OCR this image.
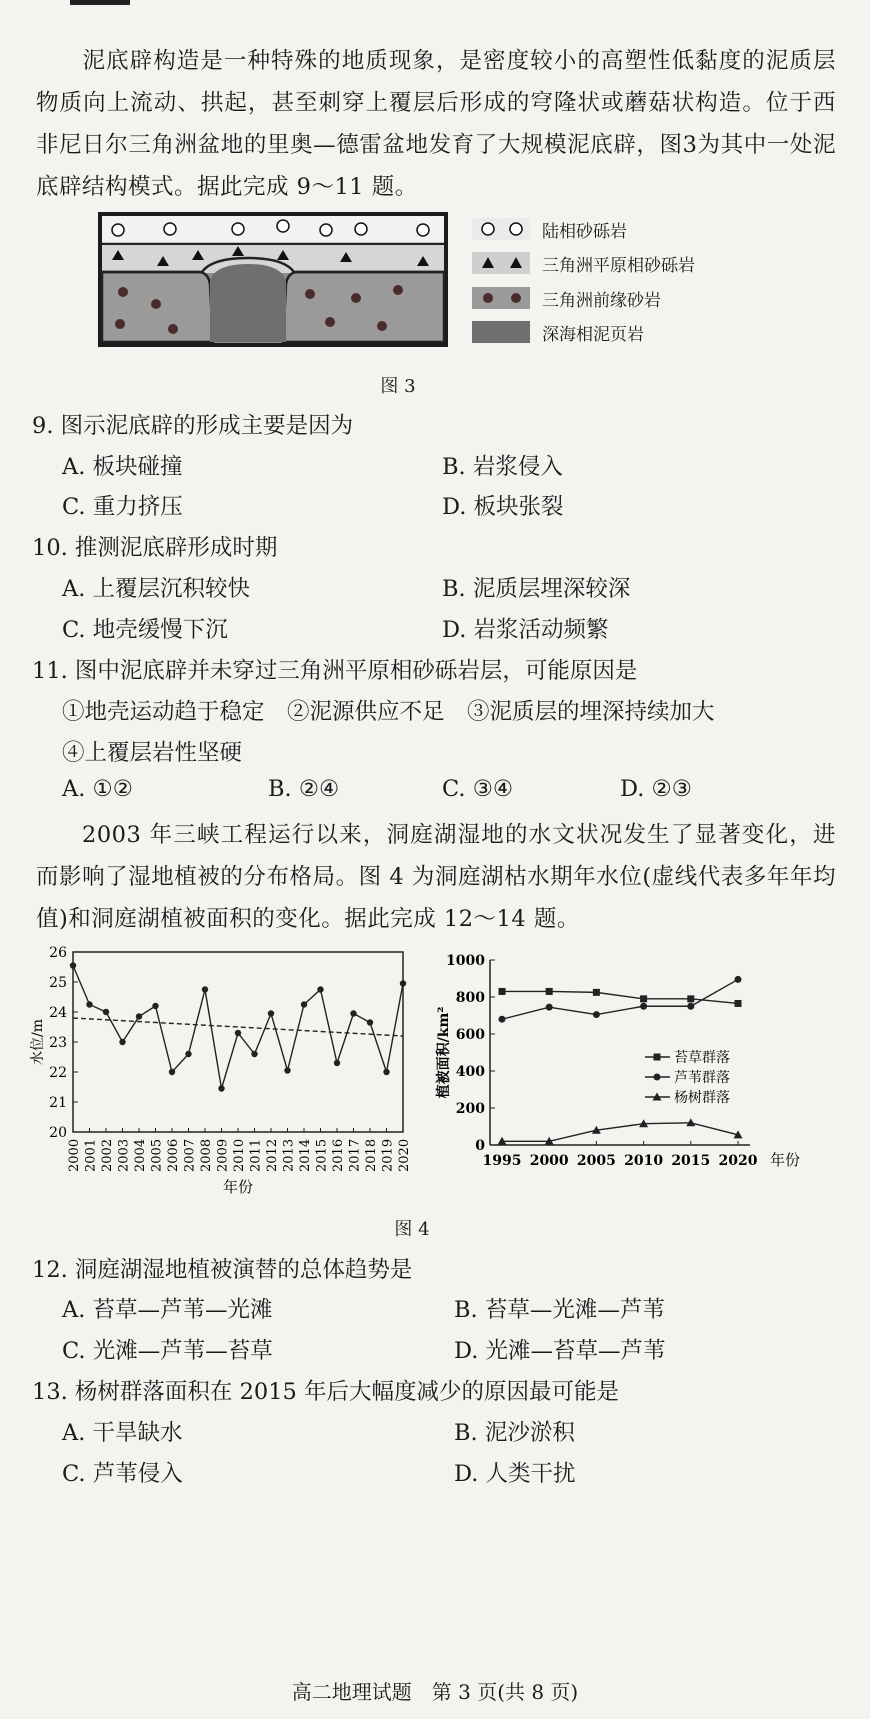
泥底辟构造是一种特殊的地质现象，是密度较小的高塑性低黏度的泥质层物质向上流动、拱起，甚至刺穿上覆层后形成的穹隆状或蘑菇状构造。位于西非尼日尔三角洲盆地的里奥—德雷盆地发育了大规模泥底辟，图3为其中一处泥底辟结构模式。据此完成 9～11 题。
陆相砂砾岩
三角洲平原相砂砾岩
三角洲前缘砂岩
深海相泥页岩
图 3
9. 图示泥底辟的形成主要是因为
A. 板块碰撞	B. 岩浆侵入
C. 重力挤压	D. 板块张裂
10. 推测泥底辟形成时期
A. 上覆层沉积较快	B. 泥质层埋深较深
C. 地壳缓慢下沉	D. 岩浆活动频繁
11. 图中泥底辟并未穿过三角洲平原相砂砾岩层，可能原因是
①地壳运动趋于稳定　②泥源供应不足　③泥质层的埋深持续加大
④上覆层岩性坚硬
A. ①②	B. ②④	C. ③④	D. ②③
2003 年三峡工程运行以来，洞庭湖湿地的水文状况发生了显著变化，进而影响了湿地植被的分布格局。图 4 为洞庭湖枯水期年水位(虚线代表多年年均值)和洞庭湖植被面积的变化。据此完成 12～14 题。
20
21
22
23
24
25
26
2000 2001 2002 2003 2004 2005 2006 2007 2008 2009 2010 2011 2012 2013 2014 2015 2016 2017 2018 2019 2020
水位/m
年份
0
200
400
600
800
1000
1995 2000 2005 2010 2015 2020 年份
植被面积/km²	苔草群落
芦苇群落
杨树群落
图 4
12. 洞庭湖湿地植被演替的总体趋势是
A. 苔草—芦苇—光滩	B. 苔草—光滩—芦苇
C. 光滩—芦苇—苔草	D. 光滩—苔草—芦苇
13. 杨树群落面积在 2015 年后大幅度减少的原因最可能是
A. 干旱缺水	B. 泥沙淤积
C. 芦苇侵入	D. 人类干扰
高二地理试题　第 3 页(共 8 页)
